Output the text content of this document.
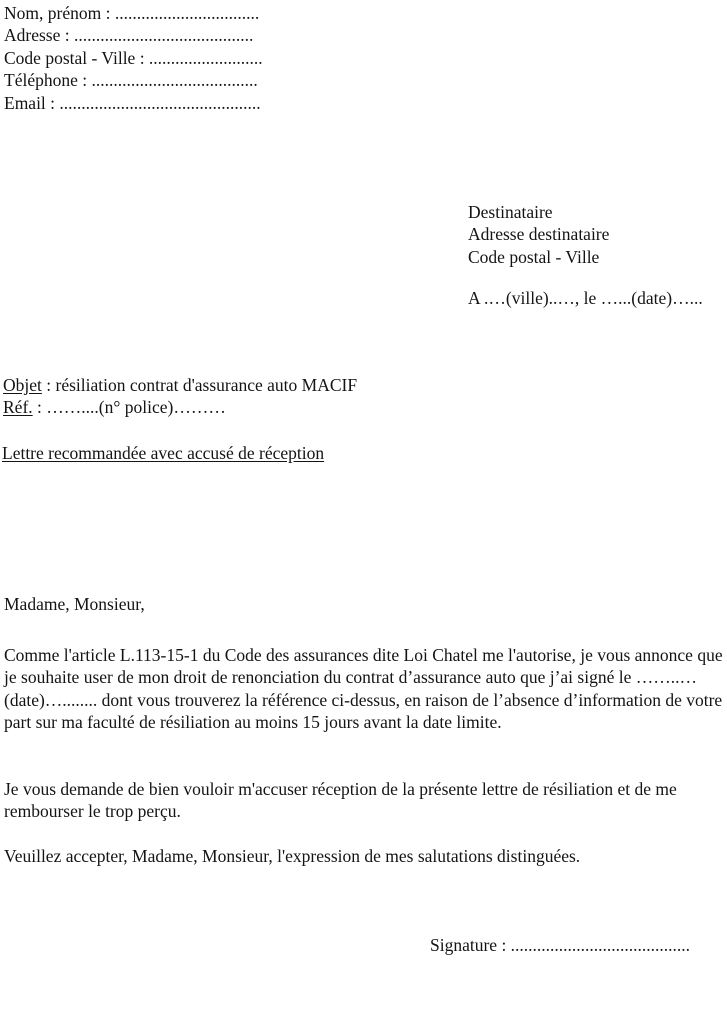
Nom, prénom : .................................
Adresse : .........................................
Code postal - Ville : ..........................
Téléphone : ......................................
Email : ..............................................
Destinataire
Adresse destinataire
Code postal - Ville
A .…(ville)..…, le …...(date)…...
Objet : résiliation contrat d'assurance auto MACIF
Réf. : ……....(n° police)………
Lettre recommandée avec accusé de réception
Madame, Monsieur,

Comme l'article L.113-15-1 du Code des assurances dite Loi Chatel me l'autorise, je vous annonce que je souhaite user de mon droit de renonciation du contrat d’assurance auto que j’ai signé le ……..…(date)…........ dont vous trouverez la référence ci-dessus, en raison de l’absence d’information de votre part sur ma faculté de résiliation au moins 15 jours avant la date limite.

Je vous demande de bien vouloir m'accuser réception de la présente lettre de résiliation et de me rembourser le trop perçu.

Veuillez accepter, Madame, Monsieur, l'expression de mes salutations distinguées.

Signature : .........................................
